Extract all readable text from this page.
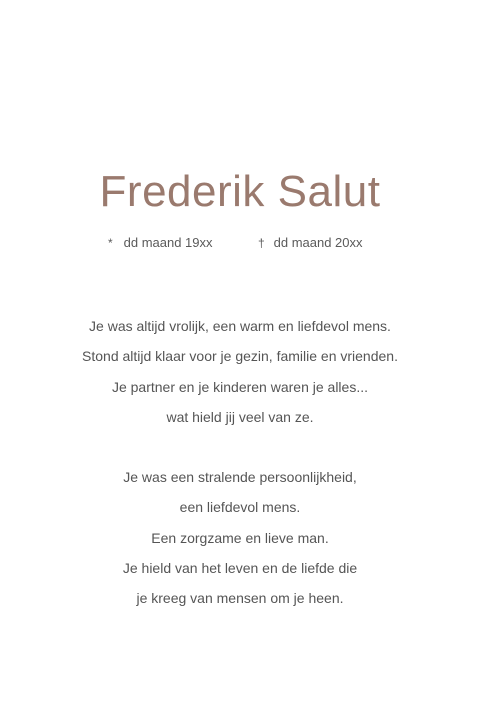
Frederik Salut
* dd maand 19xx	† dd maand 20xx
Je was altijd vrolijk, een warm en liefdevol mens.
Stond altijd klaar voor je gezin, familie en vrienden.
Je partner en je kinderen waren je alles...
wat hield jij veel van ze.
Je was een stralende persoonlijkheid,
een liefdevol mens.
Een zorgzame en lieve man.
Je hield van het leven en de liefde die
je kreeg van mensen om je heen.
